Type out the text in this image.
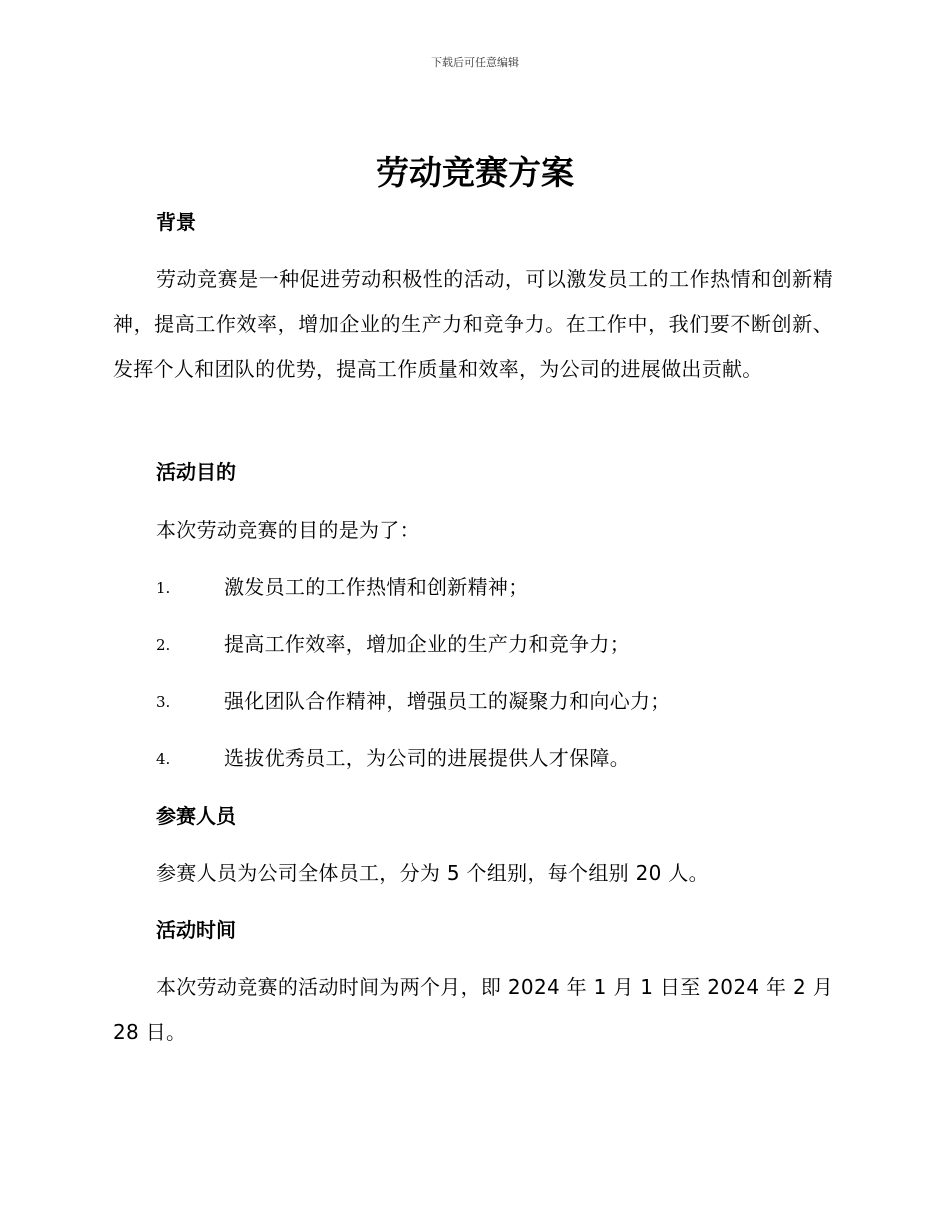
下载后可任意编辑
劳动竞赛方案
背景
劳动竞赛是一种促进劳动积极性的活动，可以激发员工的工作热情和创新精神，提高工作效率，增加企业的生产力和竞争力。在工作中，我们要不断创新、发挥个人和团队的优势，提高工作质量和效率，为公司的进展做出贡献。
活动目的
本次劳动竞赛的目的是为了：
1.	激发员工的工作热情和创新精神；
2.	提高工作效率，增加企业的生产力和竞争力；
3.	强化团队合作精神，增强员工的凝聚力和向心力；
4.	选拔优秀员工，为公司的进展提供人才保障。
参赛人员
参赛人员为公司全体员工，分为 5 个组别，每个组别 20 人。
活动时间
本次劳动竞赛的活动时间为两个月，即 2024 年 1 月 1 日至 2024 年 2 月 28 日。
